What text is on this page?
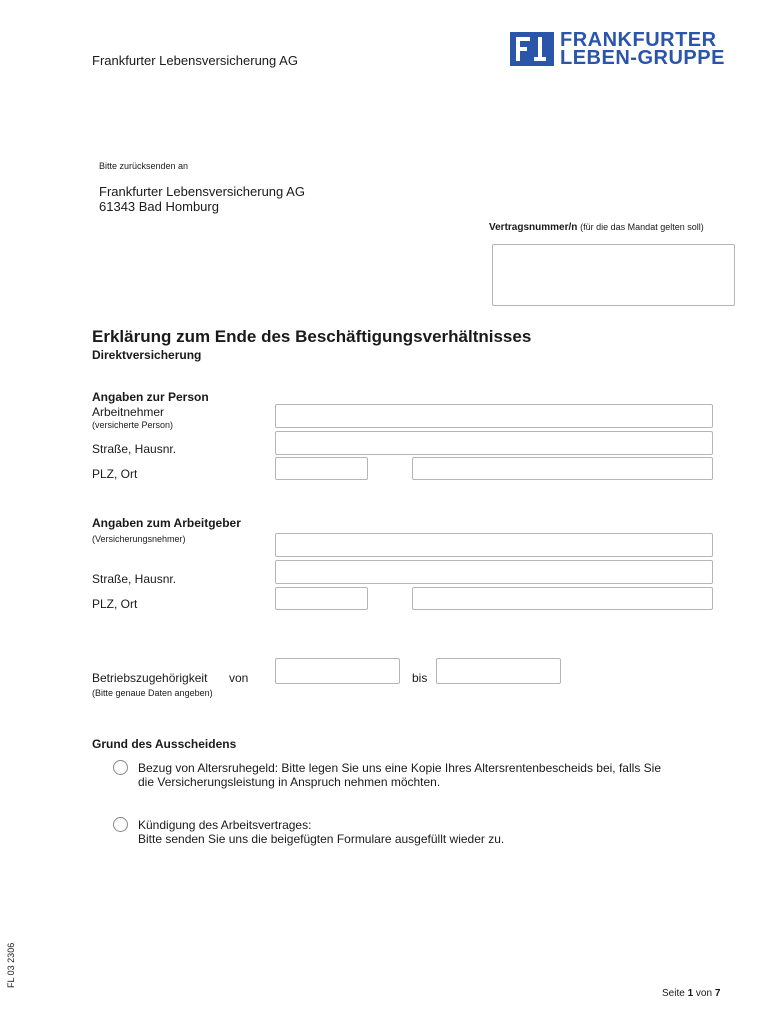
Frankfurter Lebensversicherung AG
FRANKFURTER
LEBEN-GRUPPE
Bitte zurücksenden an
Frankfurter Lebensversicherung AG
61343 Bad Homburg
Vertragsnummer/n (für die das Mandat gelten soll)
Erklärung zum Ende des Beschäftigungsverhältnisses
Direktversicherung
Angaben zur Person
Arbeitnehmer
(versicherte Person)
Straße, Hausnr.
PLZ, Ort
Angaben zum Arbeitgeber
(Versicherungsnehmer)
Straße, Hausnr.
PLZ, Ort
Betriebszugehörigkeit von	bis
(Bitte genaue Daten angeben)
Grund des Ausscheidens
Bezug von Altersruhegeld: Bitte legen Sie uns eine Kopie Ihres Altersrentenbescheids bei, falls Sie
die Versicherungsleistung in Anspruch nehmen möchten.
Kündigung des Arbeitsvertrages:
Bitte senden Sie uns die beigefügten Formulare ausgefüllt wieder zu.
FL 03 2306
Seite 1 von 7
